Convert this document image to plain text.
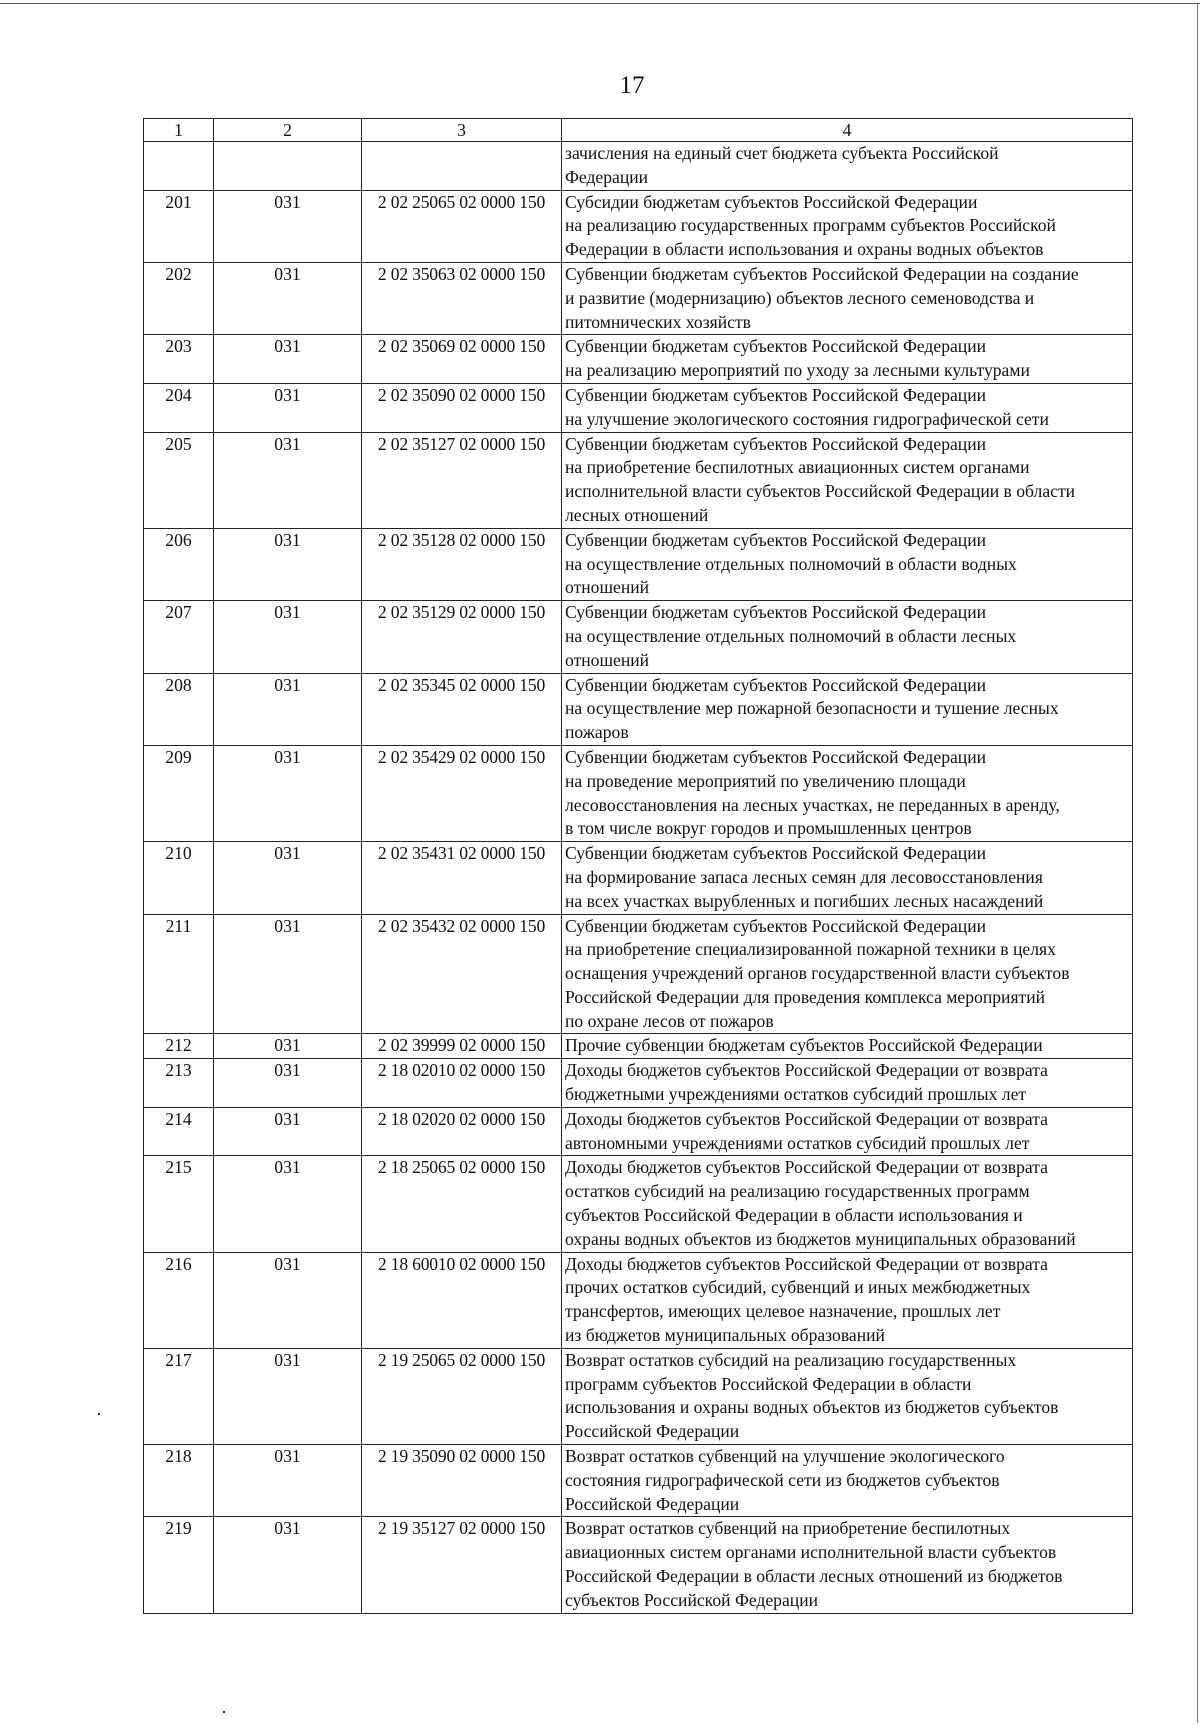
17
1	2	3	4
			зачисления на единый счет бюджета субъекта Российской
Федерации
201	031	2 02 25065 02 0000 150	Субсидии бюджетам субъектов Российской Федерации
на реализацию государственных программ субъектов Российской
Федерации в области использования и охраны водных объектов
202	031	2 02 35063 02 0000 150	Субвенции бюджетам субъектов Российской Федерации на создание
и развитие (модернизацию) объектов лесного семеноводства и
питомнических хозяйств
203	031	2 02 35069 02 0000 150	Субвенции бюджетам субъектов Российской Федерации
на реализацию мероприятий по уходу за лесными культурами
204	031	2 02 35090 02 0000 150	Субвенции бюджетам субъектов Российской Федерации
на улучшение экологического состояния гидрографической сети
205	031	2 02 35127 02 0000 150	Субвенции бюджетам субъектов Российской Федерации
на приобретение беспилотных авиационных систем органами
исполнительной власти субъектов Российской Федерации в области
лесных отношений
206	031	2 02 35128 02 0000 150	Субвенции бюджетам субъектов Российской Федерации
на осуществление отдельных полномочий в области водных
отношений
207	031	2 02 35129 02 0000 150	Субвенции бюджетам субъектов Российской Федерации
на осуществление отдельных полномочий в области лесных
отношений
208	031	2 02 35345 02 0000 150	Субвенции бюджетам субъектов Российской Федерации
на осуществление мер пожарной безопасности и тушение лесных
пожаров
209	031	2 02 35429 02 0000 150	Субвенции бюджетам субъектов Российской Федерации
на проведение мероприятий по увеличению площади
лесовосстановления на лесных участках, не переданных в аренду,
в том числе вокруг городов и промышленных центров
210	031	2 02 35431 02 0000 150	Субвенции бюджетам субъектов Российской Федерации
на формирование запаса лесных семян для лесовосстановления
на всех участках вырубленных и погибших лесных насаждений
211	031	2 02 35432 02 0000 150	Субвенции бюджетам субъектов Российской Федерации
на приобретение специализированной пожарной техники в целях
оснащения учреждений органов государственной власти субъектов
Российской Федерации для проведения комплекса мероприятий
по охране лесов от пожаров
212	031	2 02 39999 02 0000 150	Прочие субвенции бюджетам субъектов Российской Федерации
213	031	2 18 02010 02 0000 150	Доходы бюджетов субъектов Российской Федерации от возврата
бюджетными учреждениями остатков субсидий прошлых лет
214	031	2 18 02020 02 0000 150	Доходы бюджетов субъектов Российской Федерации от возврата
автономными учреждениями остатков субсидий прошлых лет
215	031	2 18 25065 02 0000 150	Доходы бюджетов субъектов Российской Федерации от возврата
остатков субсидий на реализацию государственных программ
субъектов Российской Федерации в области использования и
охраны водных объектов из бюджетов муниципальных образований
216	031	2 18 60010 02 0000 150	Доходы бюджетов субъектов Российской Федерации от возврата
прочих остатков субсидий, субвенций и иных межбюджетных
трансфертов, имеющих целевое назначение, прошлых лет
из бюджетов муниципальных образований
217	031	2 19 25065 02 0000 150	Возврат остатков субсидий на реализацию государственных
программ субъектов Российской Федерации в области
использования и охраны водных объектов из бюджетов субъектов
Российской Федерации
218	031	2 19 35090 02 0000 150	Возврат остатков субвенций на улучшение экологического
состояния гидрографической сети из бюджетов субъектов
Российской Федерации
219	031	2 19 35127 02 0000 150	Возврат остатков субвенций на приобретение беспилотных
авиационных систем органами исполнительной власти субъектов
Российской Федерации в области лесных отношений из бюджетов
субъектов Российской Федерации
